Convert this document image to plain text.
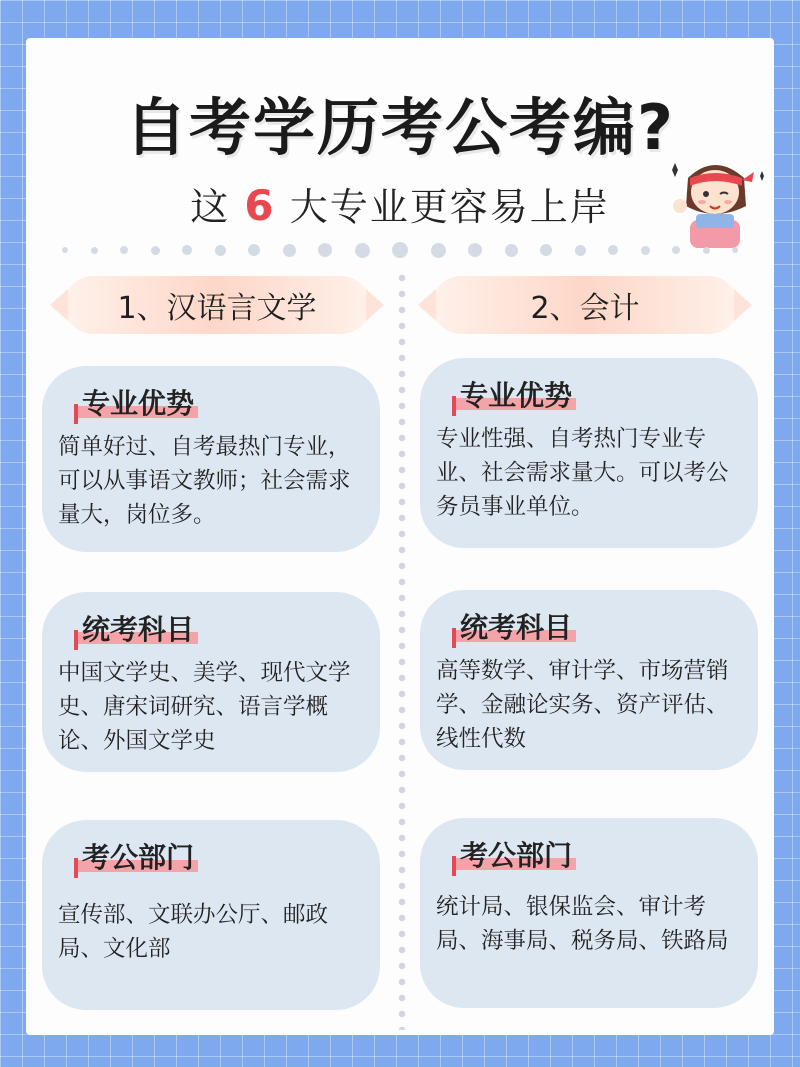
自考学历考公考编?
这 6 大专业更容易上岸
1、汉语言文学	2、会计
专业优势
简单好过、自考最热门专业，可以从事语文教师；社会需求量大，岗位多。
统考科目
中国文学史、美学、现代文学史、唐宋词研究、语言学概论、外国文学史
考公部门
宣传部、文联办公厅、邮政局、文化部
专业优势
专业性强、自考热门专业专业、社会需求量大。可以考公务员事业单位。
统考科目
高等数学、审计学、市场营销学、金融论实务、资产评估、线性代数
考公部门
统计局、银保监会、审计考局、海事局、税务局、铁路局
